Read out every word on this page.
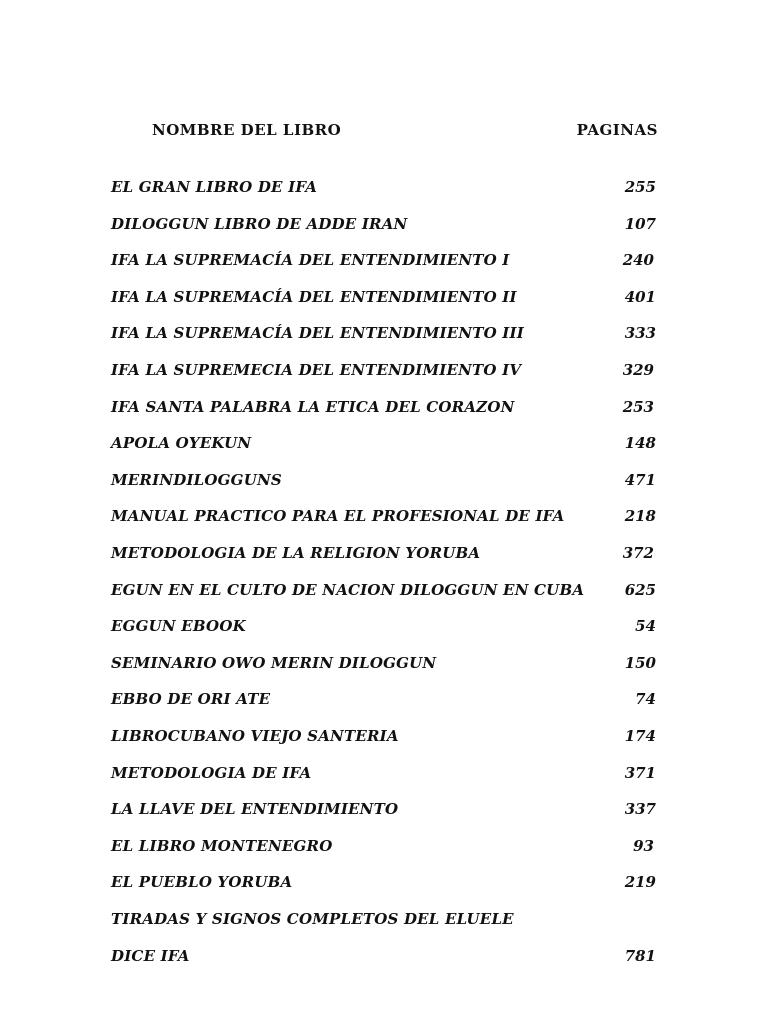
NOMBRE DEL LIBRO	PAGINAS
EL GRAN LIBRO DE IFA	255
DILOGGUN LIBRO DE ADDE IRAN	107
IFA LA SUPREMACÍA DEL ENTENDIMIENTO I	240
IFA LA SUPREMACÍA DEL ENTENDIMIENTO II	401
IFA LA SUPREMACÍA DEL ENTENDIMIENTO III	333
IFA LA SUPREMECIA DEL ENTENDIMIENTO IV	329
IFA SANTA PALABRA LA ETICA DEL CORAZON	253
APOLA OYEKUN	148
MERINDILOGGUNS	471
MANUAL PRACTICO PARA EL PROFESIONAL DE IFA	218
METODOLOGIA DE LA RELIGION YORUBA	372
EGUN EN EL CULTO DE NACION DILOGGUN EN CUBA	625
EGGUN EBOOK	54
SEMINARIO OWO MERIN DILOGGUN	150
EBBO DE ORI ATE	74
LIBROCUBANO VIEJO SANTERIA	174
METODOLOGIA DE IFA	371
LA LLAVE DEL ENTENDIMIENTO	337
EL LIBRO MONTENEGRO	93
EL PUEBLO YORUBA	219
TIRADAS Y SIGNOS COMPLETOS DEL ELUELE
DICE IFA	781
